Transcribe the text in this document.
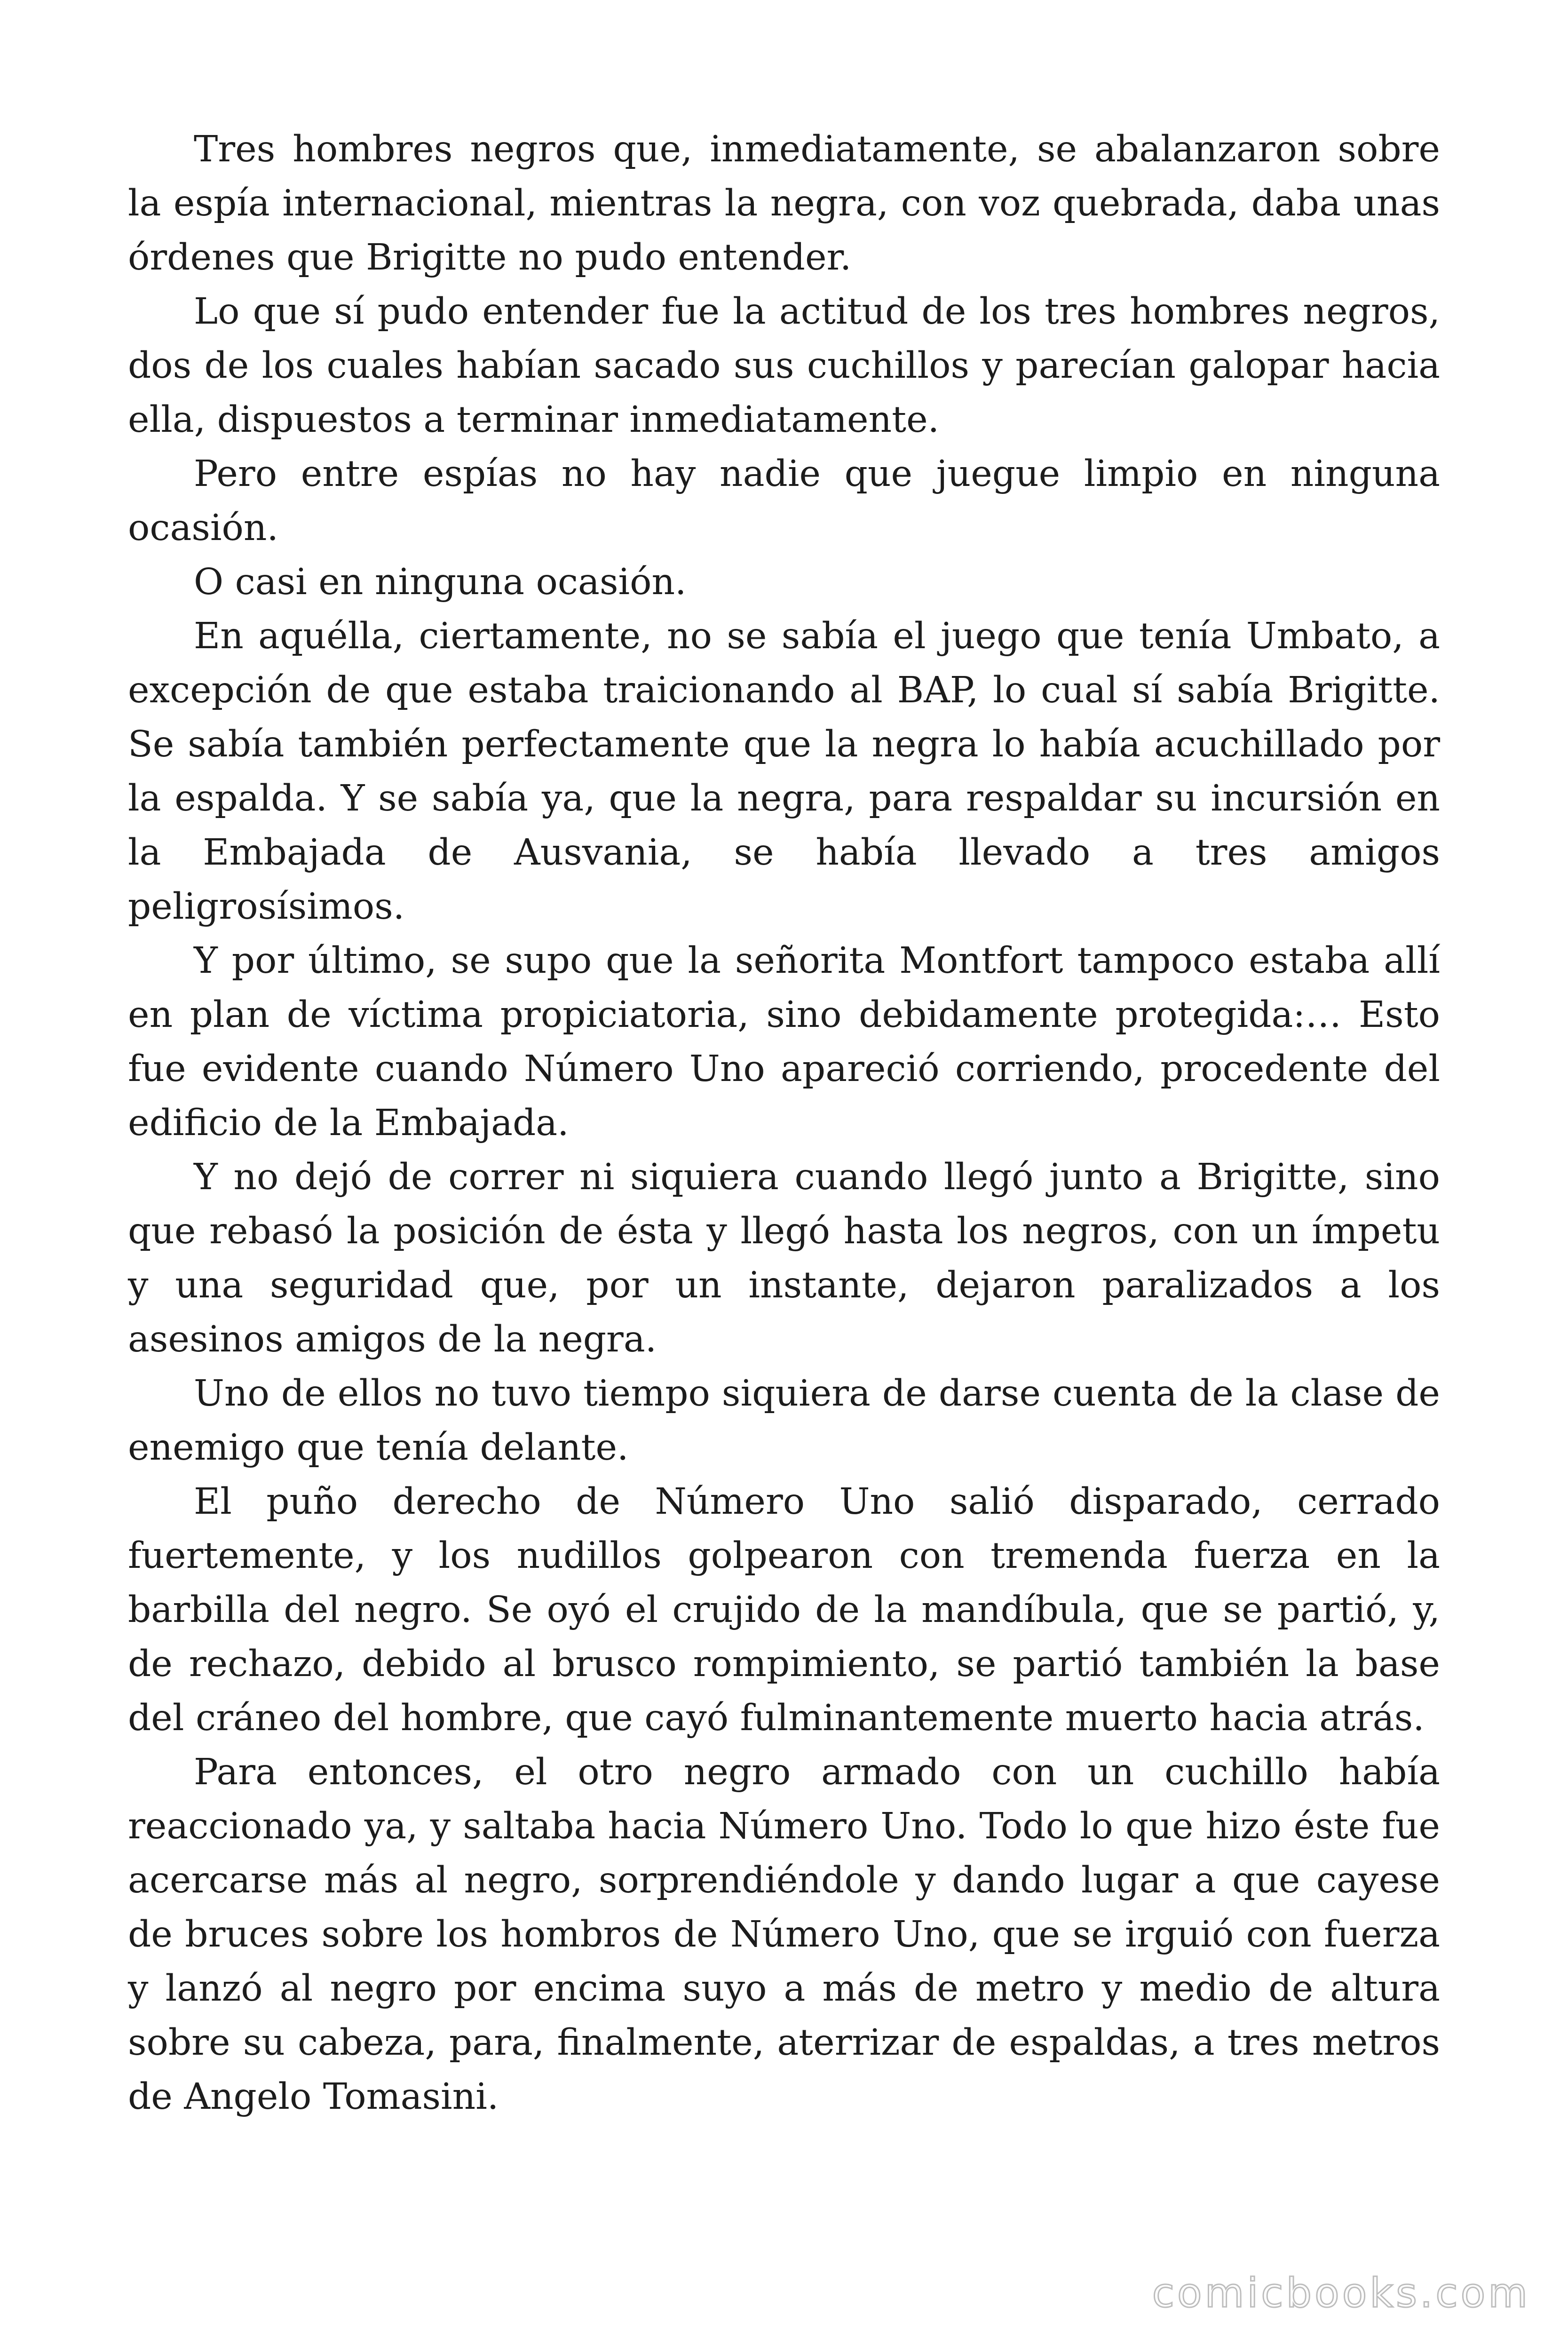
Tres hombres negros que, inmediatamente, se abalanzaron sobre la espía internacional, mientras la negra, con voz quebrada, daba unas órdenes que Brigitte no pudo entender.

Lo que sí pudo entender fue la actitud de los tres hombres negros, dos de los cuales habían sacado sus cuchillos y parecían galopar hacia ella, dispuestos a terminar inmediatamente.

Pero entre espías no hay nadie que juegue limpio en ninguna ocasión.

O casi en ninguna ocasión.

En aquélla, ciertamente, no se sabía el juego que tenía Umbato, a excepción de que estaba traicionando al BAP, lo cual sí sabía Brigitte. Se sabía también perfectamente que la negra lo había acuchillado por la espalda. Y se sabía ya, que la negra, para respaldar su incursión en la Embajada de Ausvania, se había llevado a tres amigos peligrosísimos.

Y por último, se supo que la señorita Montfort tampoco estaba allí en plan de víctima propiciatoria, sino debidamente protegida:… Esto fue evidente cuando Número Uno apareció corriendo, procedente del edificio de la Embajada.

Y no dejó de correr ni siquiera cuando llegó junto a Brigitte, sino que rebasó la posición de ésta y llegó hasta los negros, con un ímpetu y una seguridad que, por un instante, dejaron paralizados a los asesinos amigos de la negra.

Uno de ellos no tuvo tiempo siquiera de darse cuenta de la clase de enemigo que tenía delante.

El puño derecho de Número Uno salió disparado, cerrado fuertemente, y los nudillos golpearon con tremenda fuerza en la barbilla del negro. Se oyó el crujido de la mandíbula, que se partió, y, de rechazo, debido al brusco rompimiento, se partió también la base del cráneo del hombre, que cayó fulminantemente muerto hacia atrás.

Para entonces, el otro negro armado con un cuchillo había reaccionado ya, y saltaba hacia Número Uno. Todo lo que hizo éste fue acercarse más al negro, sorprendiéndole y dando lugar a que cayese de bruces sobre los hombros de Número Uno, que se irguió con fuerza y lanzó al negro por encima suyo a más de metro y medio de altura sobre su cabeza, para, finalmente, aterrizar de espaldas, a tres metros de Angelo Tomasini.

comicbooks.com
